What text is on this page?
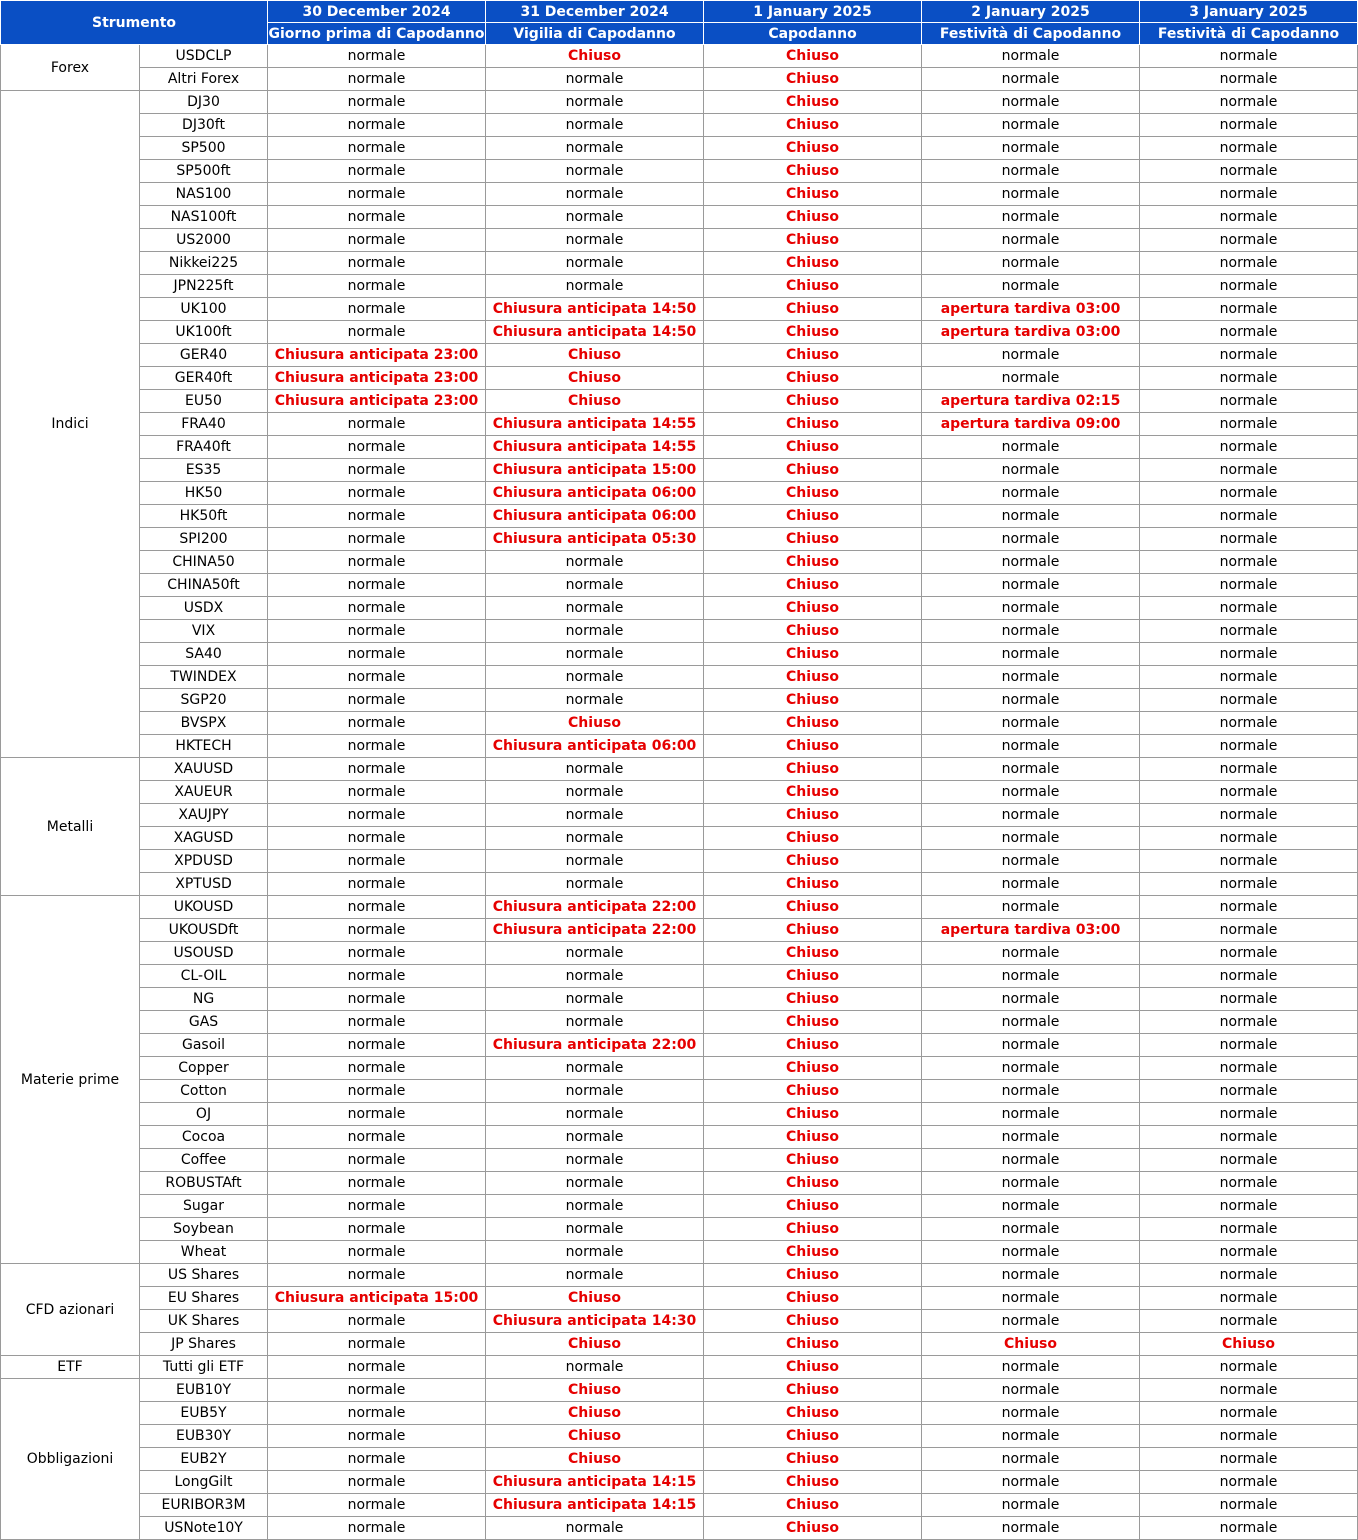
Strumento		30 December 2024	31 December 2024	1 January 2025	2 January 2025	3 January 2025
		Giorno prima di Capodanno	Vigilia di Capodanno	Capodanno	Festività di Capodanno	Festività di Capodanno
Forex	USDCLP	normale	Chiuso	Chiuso	normale	normale
	Altri Forex	normale	normale	Chiuso	normale	normale
Indici	DJ30	normale	normale	Chiuso	normale	normale
	DJ30ft	normale	normale	Chiuso	normale	normale
	SP500	normale	normale	Chiuso	normale	normale
	SP500ft	normale	normale	Chiuso	normale	normale
	NAS100	normale	normale	Chiuso	normale	normale
	NAS100ft	normale	normale	Chiuso	normale	normale
	US2000	normale	normale	Chiuso	normale	normale
	Nikkei225	normale	normale	Chiuso	normale	normale
	JPN225ft	normale	normale	Chiuso	normale	normale
	UK100	normale	Chiusura anticipata 14:50	Chiuso	apertura tardiva 03:00	normale
	UK100ft	normale	Chiusura anticipata 14:50	Chiuso	apertura tardiva 03:00	normale
	GER40	Chiusura anticipata 23:00	Chiuso	Chiuso	normale	normale
	GER40ft	Chiusura anticipata 23:00	Chiuso	Chiuso	normale	normale
	EU50	Chiusura anticipata 23:00	Chiuso	Chiuso	apertura tardiva 02:15	normale
	FRA40	normale	Chiusura anticipata 14:55	Chiuso	apertura tardiva 09:00	normale
	FRA40ft	normale	Chiusura anticipata 14:55	Chiuso	normale	normale
	ES35	normale	Chiusura anticipata 15:00	Chiuso	normale	normale
	HK50	normale	Chiusura anticipata 06:00	Chiuso	normale	normale
	HK50ft	normale	Chiusura anticipata 06:00	Chiuso	normale	normale
	SPI200	normale	Chiusura anticipata 05:30	Chiuso	normale	normale
	CHINA50	normale	normale	Chiuso	normale	normale
	CHINA50ft	normale	normale	Chiuso	normale	normale
	USDX	normale	normale	Chiuso	normale	normale
	VIX	normale	normale	Chiuso	normale	normale
	SA40	normale	normale	Chiuso	normale	normale
	TWINDEX	normale	normale	Chiuso	normale	normale
	SGP20	normale	normale	Chiuso	normale	normale
	BVSPX	normale	Chiuso	Chiuso	normale	normale
	HKTECH	normale	Chiusura anticipata 06:00	Chiuso	normale	normale
Metalli	XAUUSD	normale	normale	Chiuso	normale	normale
	XAUEUR	normale	normale	Chiuso	normale	normale
	XAUJPY	normale	normale	Chiuso	normale	normale
	XAGUSD	normale	normale	Chiuso	normale	normale
	XPDUSD	normale	normale	Chiuso	normale	normale
	XPTUSD	normale	normale	Chiuso	normale	normale
Materie prime	UKOUSD	normale	Chiusura anticipata 22:00	Chiuso	normale	normale
	UKOUSDft	normale	Chiusura anticipata 22:00	Chiuso	apertura tardiva 03:00	normale
	USOUSD	normale	normale	Chiuso	normale	normale
	CL-OIL	normale	normale	Chiuso	normale	normale
	NG	normale	normale	Chiuso	normale	normale
	GAS	normale	normale	Chiuso	normale	normale
	Gasoil	normale	Chiusura anticipata 22:00	Chiuso	normale	normale
	Copper	normale	normale	Chiuso	normale	normale
	Cotton	normale	normale	Chiuso	normale	normale
	OJ	normale	normale	Chiuso	normale	normale
	Cocoa	normale	normale	Chiuso	normale	normale
	Coffee	normale	normale	Chiuso	normale	normale
	ROBUSTAft	normale	normale	Chiuso	normale	normale
	Sugar	normale	normale	Chiuso	normale	normale
	Soybean	normale	normale	Chiuso	normale	normale
	Wheat	normale	normale	Chiuso	normale	normale
CFD azionari	US Shares	normale	normale	Chiuso	normale	normale
	EU Shares	Chiusura anticipata 15:00	Chiuso	Chiuso	normale	normale
	UK Shares	normale	Chiusura anticipata 14:30	Chiuso	normale	normale
	JP Shares	normale	Chiuso	Chiuso	Chiuso	Chiuso
ETF	Tutti gli ETF	normale	normale	Chiuso	normale	normale
Obbligazioni	EUB10Y	normale	Chiuso	Chiuso	normale	normale
	EUB5Y	normale	Chiuso	Chiuso	normale	normale
	EUB30Y	normale	Chiuso	Chiuso	normale	normale
	EUB2Y	normale	Chiuso	Chiuso	normale	normale
	LongGilt	normale	Chiusura anticipata 14:15	Chiuso	normale	normale
	EURIBOR3M	normale	Chiusura anticipata 14:15	Chiuso	normale	normale
	USNote10Y	normale	normale	Chiuso	normale	normale
